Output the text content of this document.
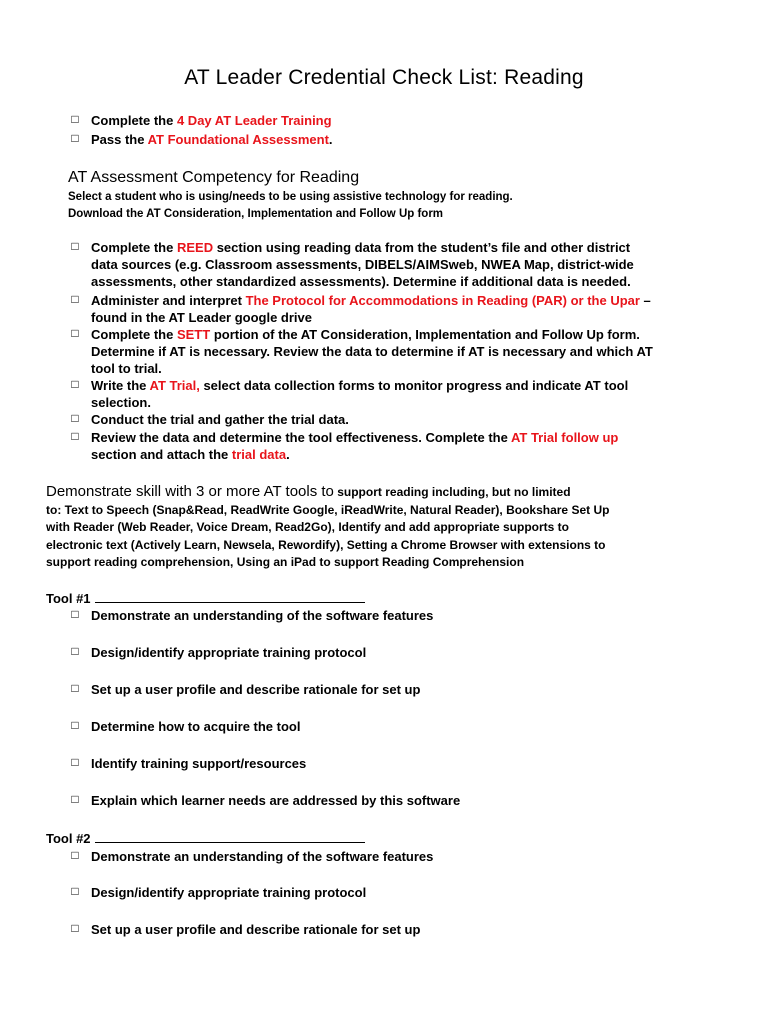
AT Leader Credential Check List: Reading
□ Complete the 4 Day AT Leader Training
□ Pass the AT Foundational Assessment.
AT Assessment Competency for Reading
Select a student who is using/needs to be using assistive technology for reading.
Download the AT Consideration, Implementation and Follow Up form
□ Complete the REED section using reading data from the student’s file and other district
data sources (e.g. Classroom assessments, DIBELS/AIMSweb, NWEA Map, district-wide
assessments, other standardized assessments). Determine if additional data is needed.
□ Administer and interpret The Protocol for Accommodations in Reading (PAR) or the Upar –
found in the AT Leader google drive
□ Complete the SETT portion of the AT Consideration, Implementation and Follow Up form.
Determine if AT is necessary. Review the data to determine if AT is necessary and which AT
tool to trial.
□ Write the AT Trial, select data collection forms to monitor progress and indicate AT tool
selection.
□ Conduct the trial and gather the trial data.
□ Review the data and determine the tool effectiveness. Complete the AT Trial follow up
section and attach the trial data.
Demonstrate skill with 3 or more AT tools to support reading including, but no limited
to: Text to Speech (Snap&Read, ReadWrite Google, iReadWrite, Natural Reader), Bookshare Set Up
with Reader (Web Reader, Voice Dream, Read2Go), Identify and add appropriate supports to
electronic text (Actively Learn, Newsela, Rewordify), Setting a Chrome Browser with extensions to
support reading comprehension, Using an iPad to support Reading Comprehension
Tool #1
□ Demonstrate an understanding of the software features
□ Design/identify appropriate training protocol
□ Set up a user profile and describe rationale for set up
□ Determine how to acquire the tool
□ Identify training support/resources
□ Explain which learner needs are addressed by this software
Tool #2
□ Demonstrate an understanding of the software features
□ Design/identify appropriate training protocol
□ Set up a user profile and describe rationale for set up
